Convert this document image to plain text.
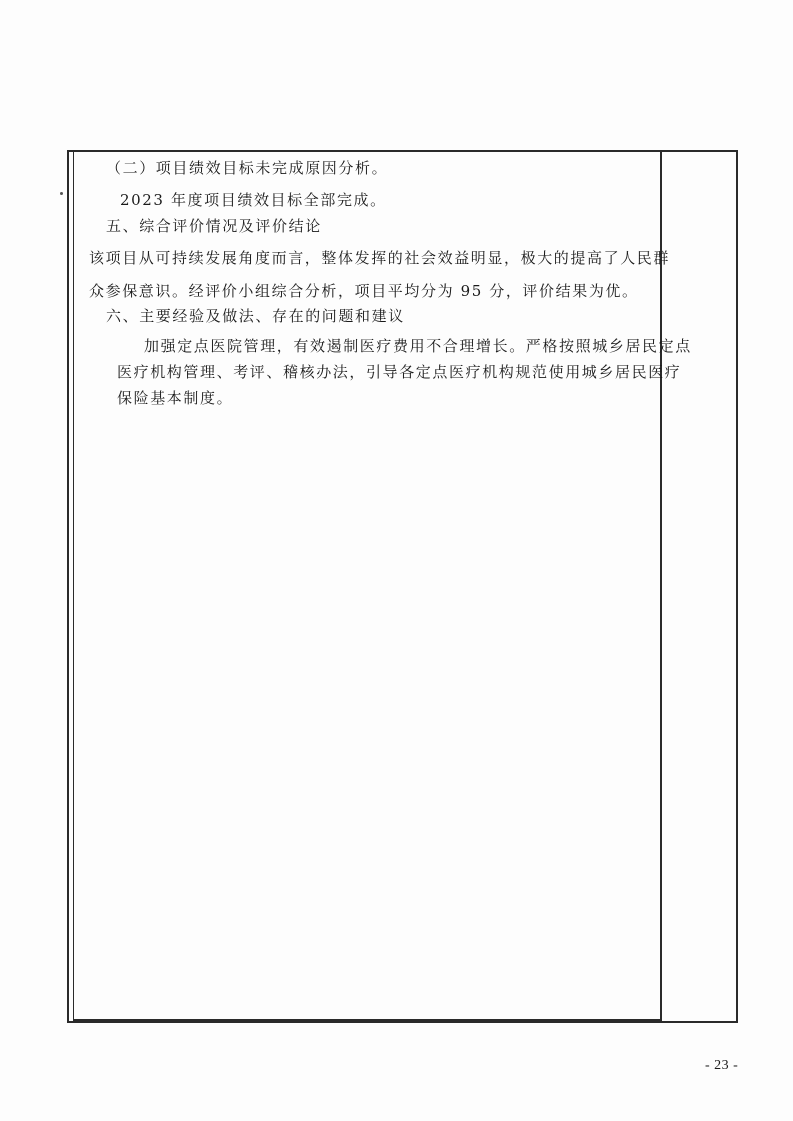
（二）项目绩效目标未完成原因分析。
2023 年度项目绩效目标全部完成。
五、综合评价情况及评价结论
该项目从可持续发展角度而言，整体发挥的社会效益明显，极大的提高了人民群
众参保意识。经评价小组综合分析，项目平均分为 95 分，评价结果为优。
六、主要经验及做法、存在的问题和建议
加强定点医院管理，有效遏制医疗费用不合理增长。严格按照城乡居民定点
医疗机构管理、考评、稽核办法，引导各定点医疗机构规范使用城乡居民医疗
保险基本制度。
- 23 -
